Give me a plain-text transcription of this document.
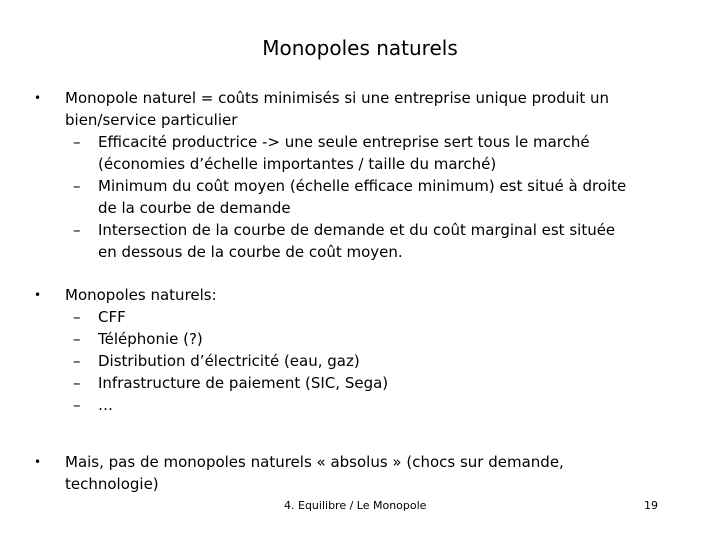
Monopoles naturels
• Monopole naturel = coûts minimisés si une entreprise unique produit un
bien/service particulier
– Efficacité productrice -> une seule entreprise sert tous le marché
(économies d’échelle importantes / taille du marché)
– Minimum du coût moyen (échelle efficace minimum) est situé à droite
de la courbe de demande
– Intersection de la courbe de demande et du coût marginal est située
en dessous de la courbe de coût moyen.
• Monopoles naturels:
– CFF
– Téléphonie (?)
– Distribution d’électricité (eau, gaz)
– Infrastructure de paiement (SIC, Sega)
– …
• Mais, pas de monopoles naturels « absolus » (chocs sur demande,
technologie)
4. Equilibre / Le Monopole	19
